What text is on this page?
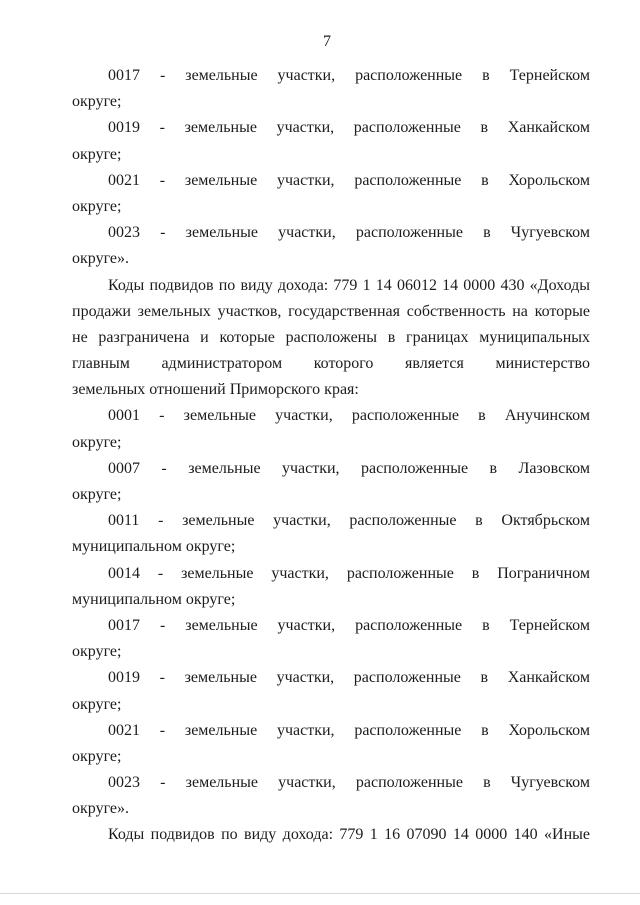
7
0017 - земельные участки, расположенные в Тернейском
округе;
0019 - земельные участки, расположенные в Ханкайском
округе;
0021 - земельные участки, расположенные в Хорольском
округе;
0023 - земельные участки, расположенные в Чугуевском
округе».
Коды подвидов по виду дохода: 779 1 14 06012 14 0000 430 «Доходы
продажи земельных участков, государственная собственность на которые
не разграничена и которые расположены в границах муниципальных
главным администратором которого является министерство
земельных отношений Приморского края:
0001 - земельные участки, расположенные в Анучинском
округе;
0007 - земельные участки, расположенные в Лазовском
округе;
0011 - земельные участки, расположенные в Октябрьском
муниципальном округе;
0014 - земельные участки, расположенные в Пограничном
муниципальном округе;
0017 - земельные участки, расположенные в Тернейском
округе;
0019 - земельные участки, расположенные в Ханкайском
округе;
0021 - земельные участки, расположенные в Хорольском
округе;
0023 - земельные участки, расположенные в Чугуевском
округе».
Коды подвидов по виду дохода: 779 1 16 07090 14 0000 140 «Иные
